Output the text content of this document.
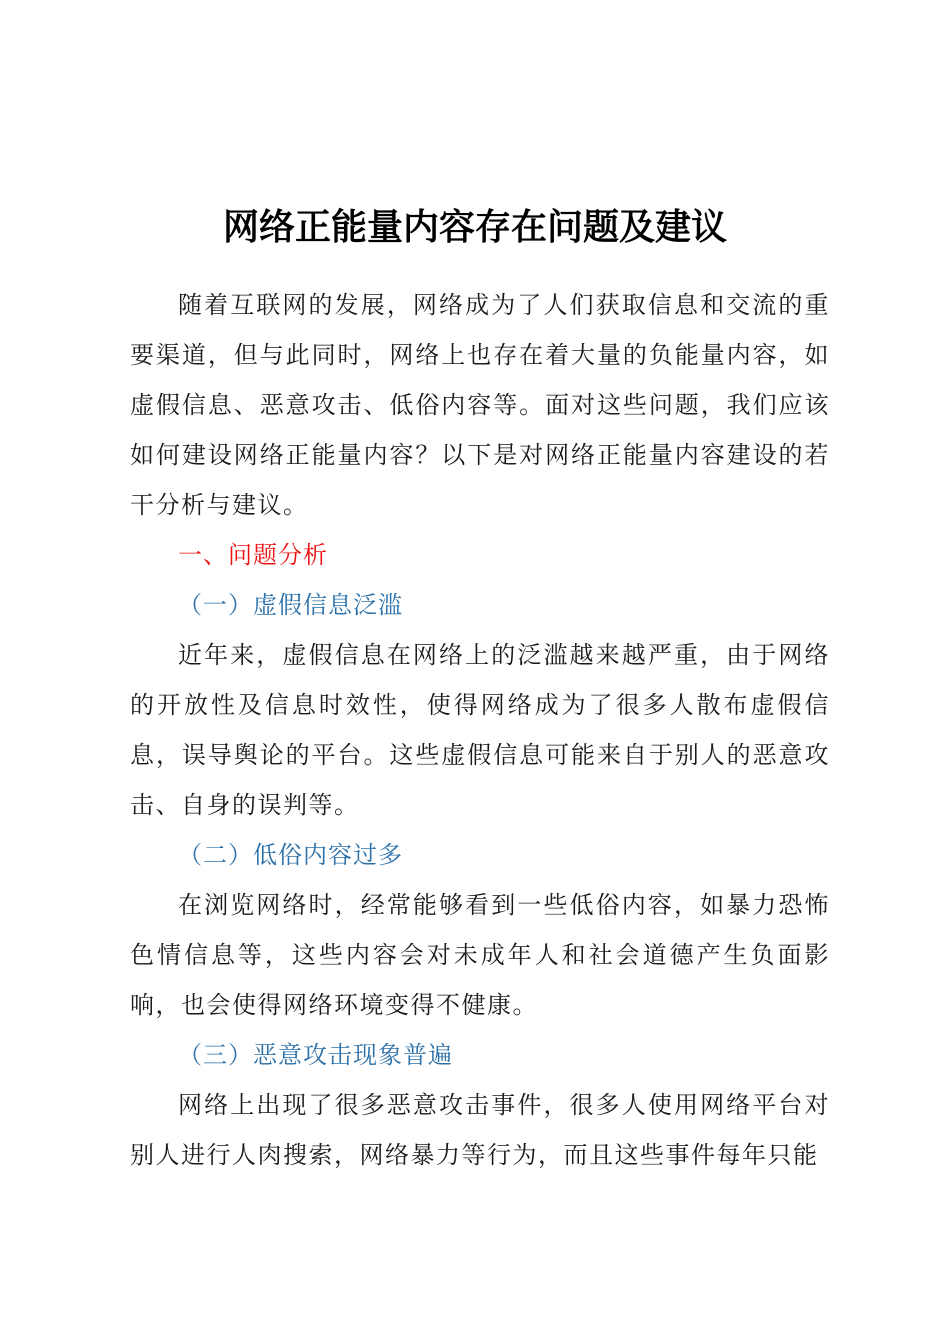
网络正能量内容存在问题及建议

随着互联网的发展，网络成为了人们获取信息和交流的重要渠道，但与此同时，网络上也存在着大量的负能量内容，如虚假信息、恶意攻击、低俗内容等。面对这些问题，我们应该如何建设网络正能量内容？以下是对网络正能量内容建设的若干分析与建议。

一、问题分析

（一）虚假信息泛滥

近年来，虚假信息在网络上的泛滥越来越严重，由于网络的开放性及信息时效性，使得网络成为了很多人散布虚假信息，误导舆论的平台。这些虚假信息可能来自于别人的恶意攻击、自身的误判等。

（二）低俗内容过多

在浏览网络时，经常能够看到一些低俗内容，如暴力恐怖色情信息等，这些内容会对未成年人和社会道德产生负面影响，也会使得网络环境变得不健康。

（三）恶意攻击现象普遍

网络上出现了很多恶意攻击事件，很多人使用网络平台对别人进行人肉搜索，网络暴力等行为，而且这些事件每年只能
